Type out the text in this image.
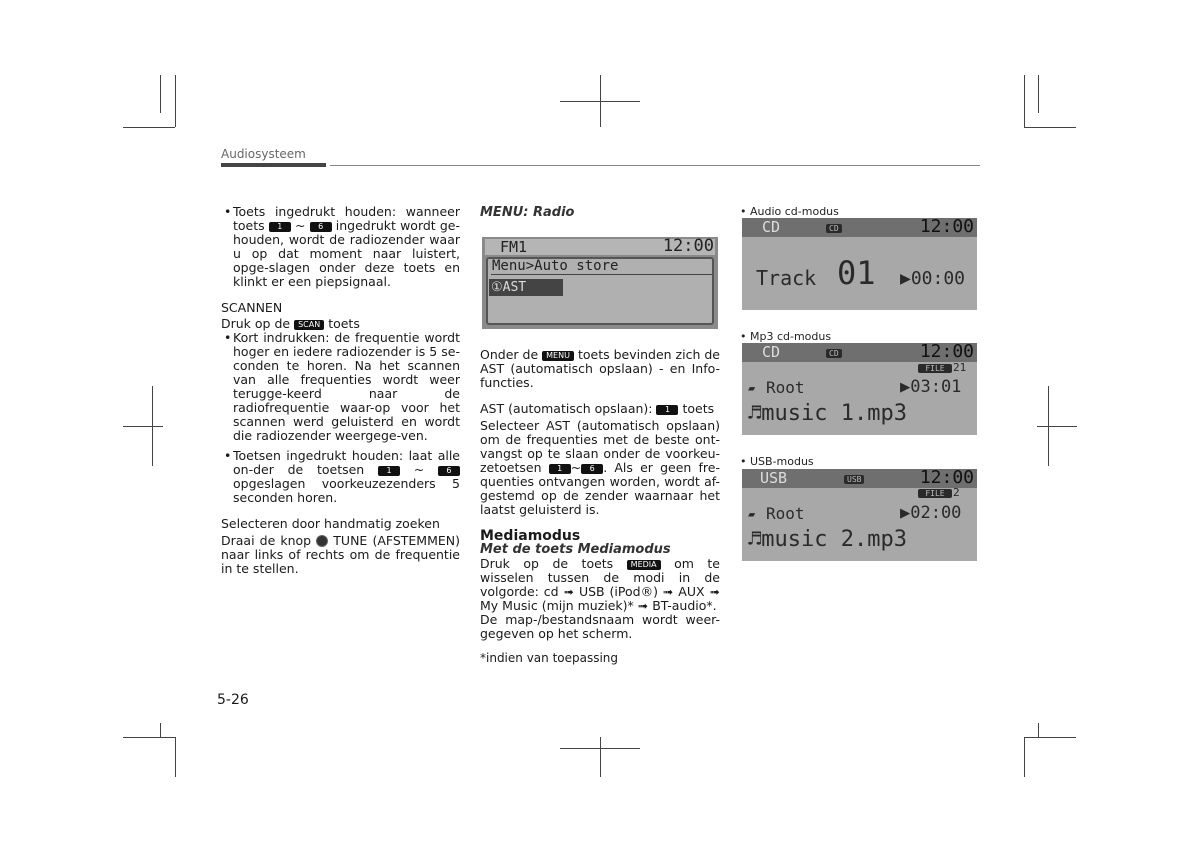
Audiosysteem
• Toets ingedrukt houden: wanneer toets 1 ~ 6 ingedrukt wordt ge-houden, wordt de radiozender waar u op dat moment naar luistert, opge-slagen onder deze toets en klinkt er een piepsignaal.
SCANNEN
Druk op de SCAN toets
• Kort indrukken: de frequentie wordt hoger en iedere radiozender is 5 se-conden te horen. Na het scannen van alle frequenties wordt weer terugge-keerd naar de radiofrequentie waar-op voor het scannen werd geluisterd en wordt die radiozender weergege-ven.
• Toetsen ingedrukt houden: laat alle on-der de toetsen	1 ~	6 opgeslagen voorkeuzezenders 5 seconden horen.
Selecteren door handmatig zoeken

Draai de knop TUNE (AFSTEMMEN) naar links of rechts om de frequentie in te stellen.

MENU: Radio
FM1	12:00
Menu>Auto store
①AST

Onder de MENU toets bevinden zich de AST (automatisch opslaan) - en Info-functies.

AST (automatisch opslaan): 1 toets

Selecteer AST (automatisch opslaan) om de frequenties met de beste ont-vangst op te slaan onder de voorkeu-zetoetsen 1 ~ 6 . Als er geen fre-quenties ontvangen worden, wordt af-gestemd op de zender waarnaar het laatst geluisterd is.

Mediamodus
Met de toets Mediamodus

Druk op de toets MEDIA om te wisselen tussen de modi in de volgorde: cd ➟ USB (iPod®) ➟ AUX ➟ My Music (mijn muziek)* ➟ BT-audio*.

De map-/bestandsnaam wordt weer-gegeven op het scherm.

*indien van toepassing
• Audio cd-modus
CD	CD	12:00
Track 01 ▶00:00
• Mp3 cd-modus
CD	CD	12:00
FILE 21
▰ Root	▶03:01
♬music 1.mp3
• USB-modus
USB	USB	12:00
FILE 2
▰ Root	▶02:00
♬music 2.mp3
5-26
